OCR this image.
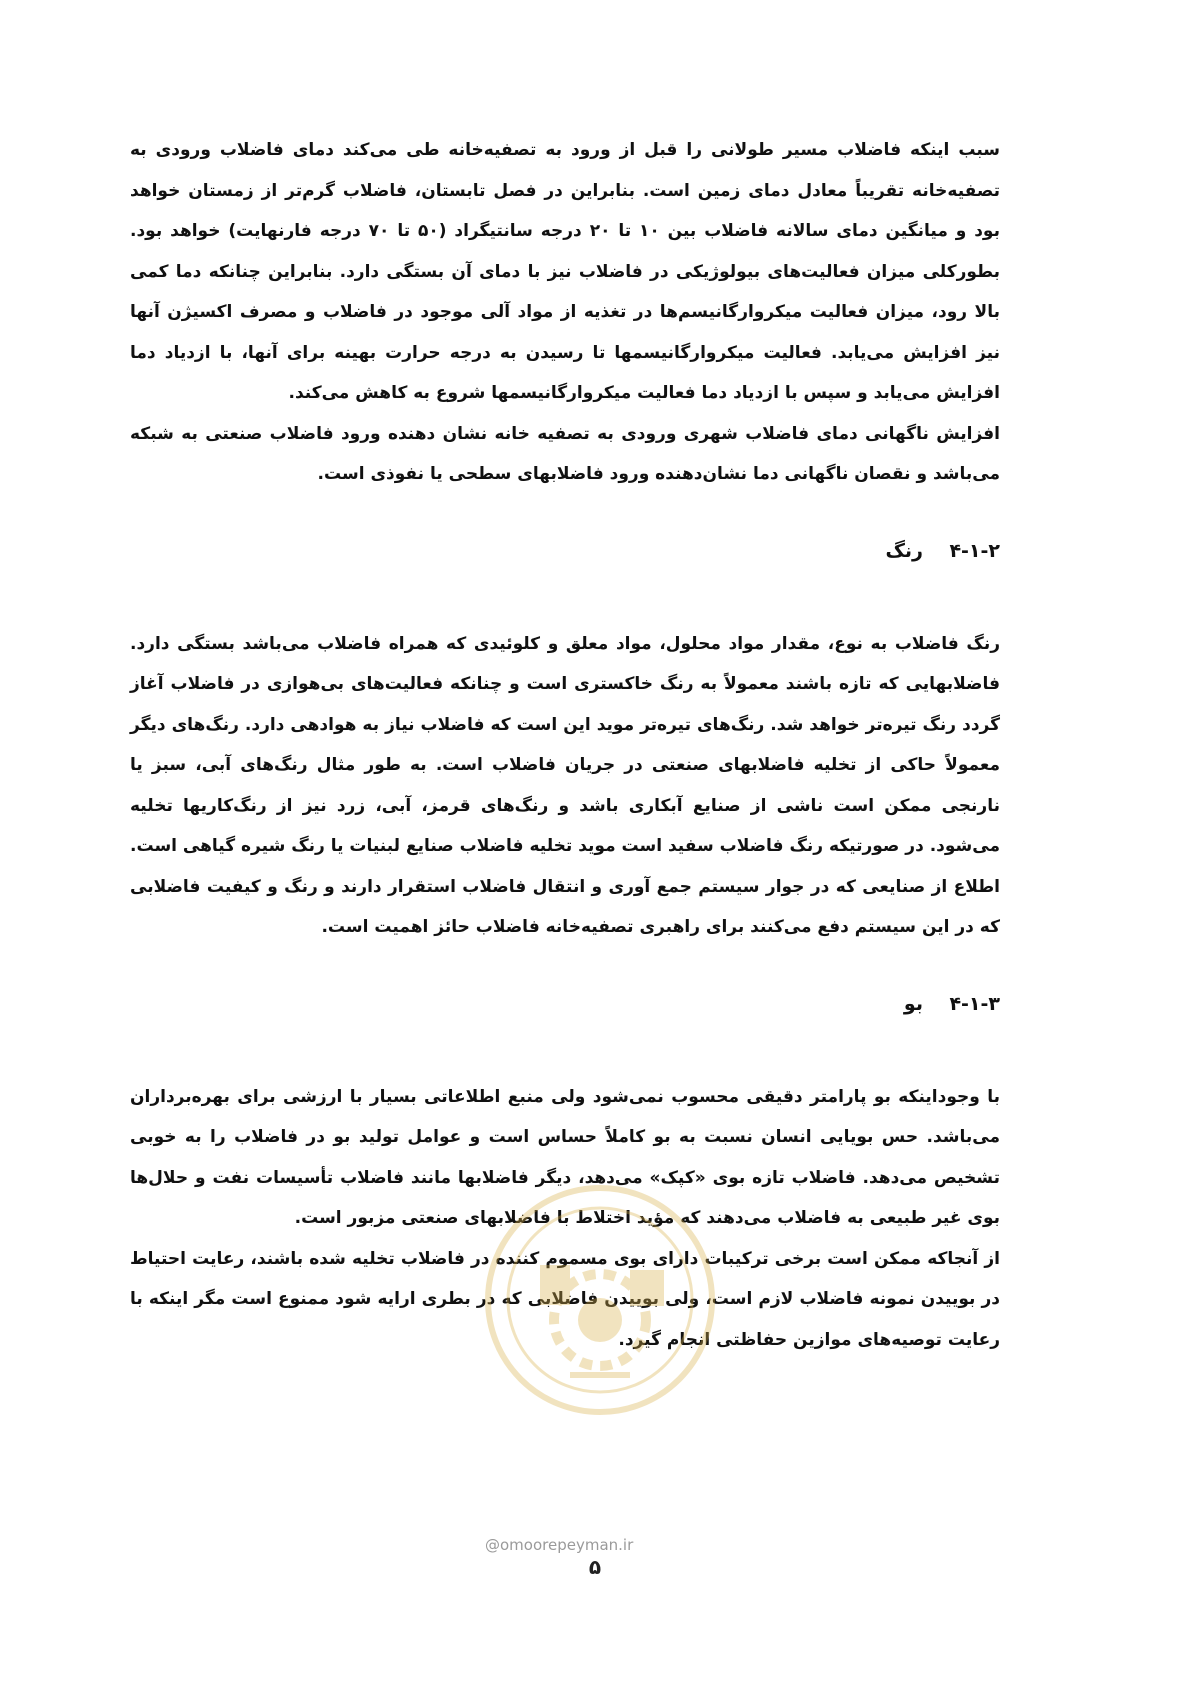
سبب اینکه فاضلاب مسیر طولانی را قبل از ورود به تصفیه‌خانه طی می‌کند دمای فاضلاب ورودی به تصفیه‌خانه تقریباً معادل دمای زمین است. بنابراین در فصل تابستان، فاضلاب گرم‌تر از زمستان خواهد بود و میانگین دمای سالانه فاضلاب بین ۱۰ تا ۲۰ درجه سانتیگراد (۵۰ تا ۷۰ درجه فارنهایت) خواهد بود. بطورکلی میزان فعالیت‌های بیولوژیکی در فاضلاب نیز با دمای آن بستگی دارد. بنابراین چنانکه دما کمی بالا رود، میزان فعالیت میکروارگانیسم‌ها در تغذیه از مواد آلی موجود در فاضلاب و مصرف اکسیژن آنها نیز افزایش می‌یابد. فعالیت میکروارگانیسمها تا رسیدن به درجه حرارت بهینه برای آنها، با ازدیاد دما افزایش می‌یابد و سپس با ازدیاد دما فعالیت میکروارگانیسمها شروع به کاهش می‌کند.

افزایش ناگهانی دمای فاضلاب شهری ورودی به تصفیه خانه نشان دهنده ورود فاضلاب صنعتی به شبکه می‌باشد و نقصان ناگهانی دما نشان‌دهنده ورود فاضلابهای سطحی یا نفوذی است.

۴-۱-۲    رنگ

رنگ فاضلاب به نوع، مقدار مواد محلول، مواد معلق و کلوئیدی که همراه فاضلاب می‌باشد بستگی دارد. فاضلابهایی که تازه باشند معمولاً به رنگ خاکستری است و چنانکه فعالیت‌های بی‌هوازی در فاضلاب آغاز گردد رنگ تیره‌تر خواهد شد. رنگ‌های تیره‌تر موید این است که فاضلاب نیاز به هوادهی دارد. رنگ‌های دیگر معمولاً حاکی از تخلیه فاضلابهای صنعتی در جریان فاضلاب است. به طور مثال رنگ‌های آبی، سبز یا نارنجی ممکن است ناشی از صنایع آبکاری باشد و رنگ‌های قرمز، آبی، زرد نیز از رنگ‌کاریها تخلیه می‌شود. در صورتیکه رنگ فاضلاب سفید است موید تخلیه فاضلاب صنایع لبنیات یا رنگ شیره گیاهی است. اطلاع از صنایعی که در جوار سیستم جمع آوری و انتقال فاضلاب استقرار دارند و رنگ و کیفیت فاضلابی که در این سیستم دفع می‌کنند برای راهبری تصفیه‌خانه فاضلاب حائز اهمیت است.

۴-۱-۳    بو

با وجوداینکه بو پارامتر دقیقی محسوب نمی‌شود ولی منبع اطلاعاتی بسیار با ارزشی برای بهره‌برداران می‌باشد. حس بویایی انسان نسبت به بو کاملاً حساس است و عوامل تولید بو در فاضلاب را به خوبی تشخیص می‌دهد. فاضلاب تازه بوی «کپک» می‌دهد، دیگر فاضلابها مانند فاضلاب تأسیسات نفت و حلال‌ها بوی غیر طبیعی به فاضلاب می‌دهند که مؤید اختلاط با فاضلابهای صنعتی مزبور است.

از آنجاکه ممکن است برخی ترکیبات دارای بوی مسموم کننده در فاضلاب تخلیه شده باشند، رعایت احتیاط در بوییدن نمونه فاضلاب لازم است، ولی بوییدن فاضلابی که در بطری ارایه شود ممنوع است مگر اینکه با رعایت توصیه‌های موازین حفاظتی انجام گیرد.

@omoorepeyman.ir
۵
